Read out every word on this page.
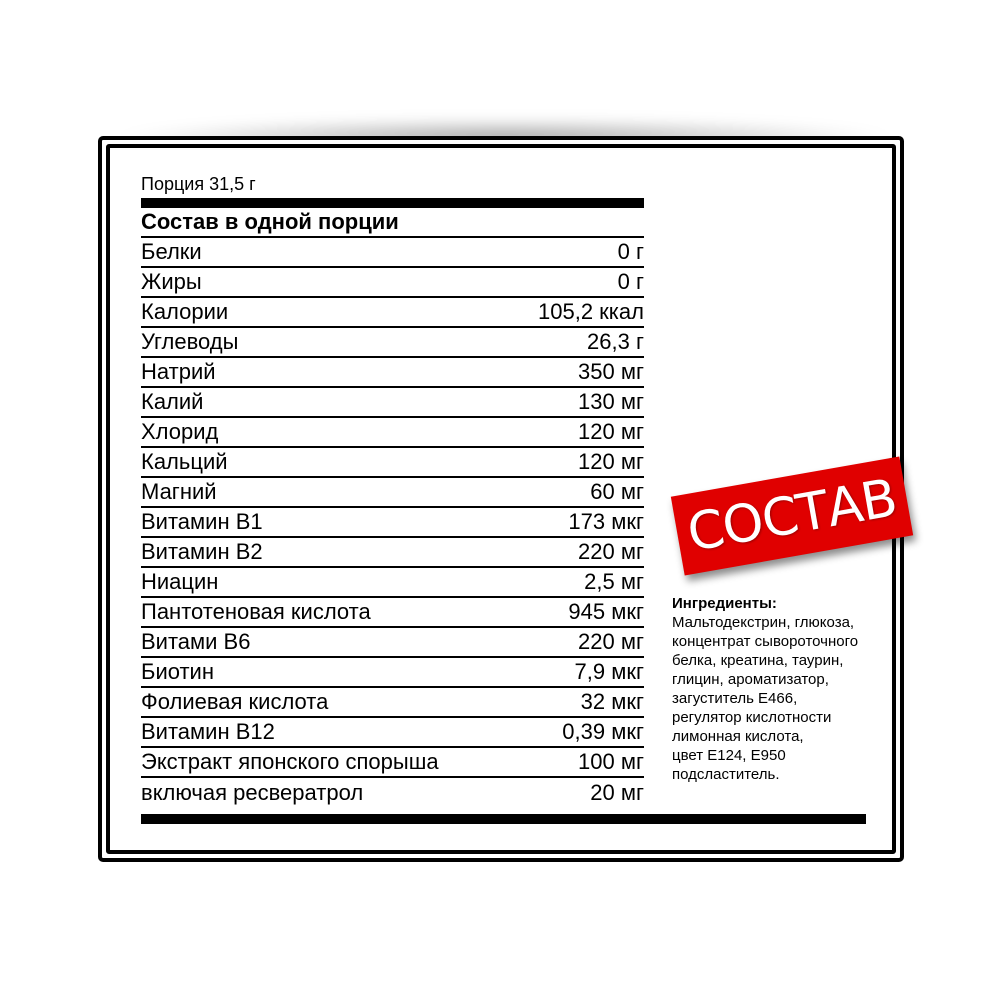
Порция 31,5 г
Состав в одной порции
Белки	0 г
Жиры	0 г
Калории	105,2 ккал
Углеводы	26,3 г
Натрий	350 мг
Калий	130 мг
Хлорид	120 мг
Кальций	120 мг
Магний	60 мг
Витамин B1	173 мкг
Витамин B2	220 мг
Ниацин	2,5 мг
Пантотеновая кислота	945 мкг
Витами B6	220 мг
Биотин	7,9 мкг
Фолиевая кислота	32 мкг
Витамин B12	0,39 мкг
Экстракт японского спорыша	100 мг
включая ресвератрол	20 мг
СОСТАВ
Ингредиенты:
Мальтодекстрин, глюкоза,
концентрат сывороточного
белка, креатина, таурин,
глицин, ароматизатор,
загуститель E466,
регулятор кислотности
лимонная кислота,
цвет E124, E950
подсластитель.
